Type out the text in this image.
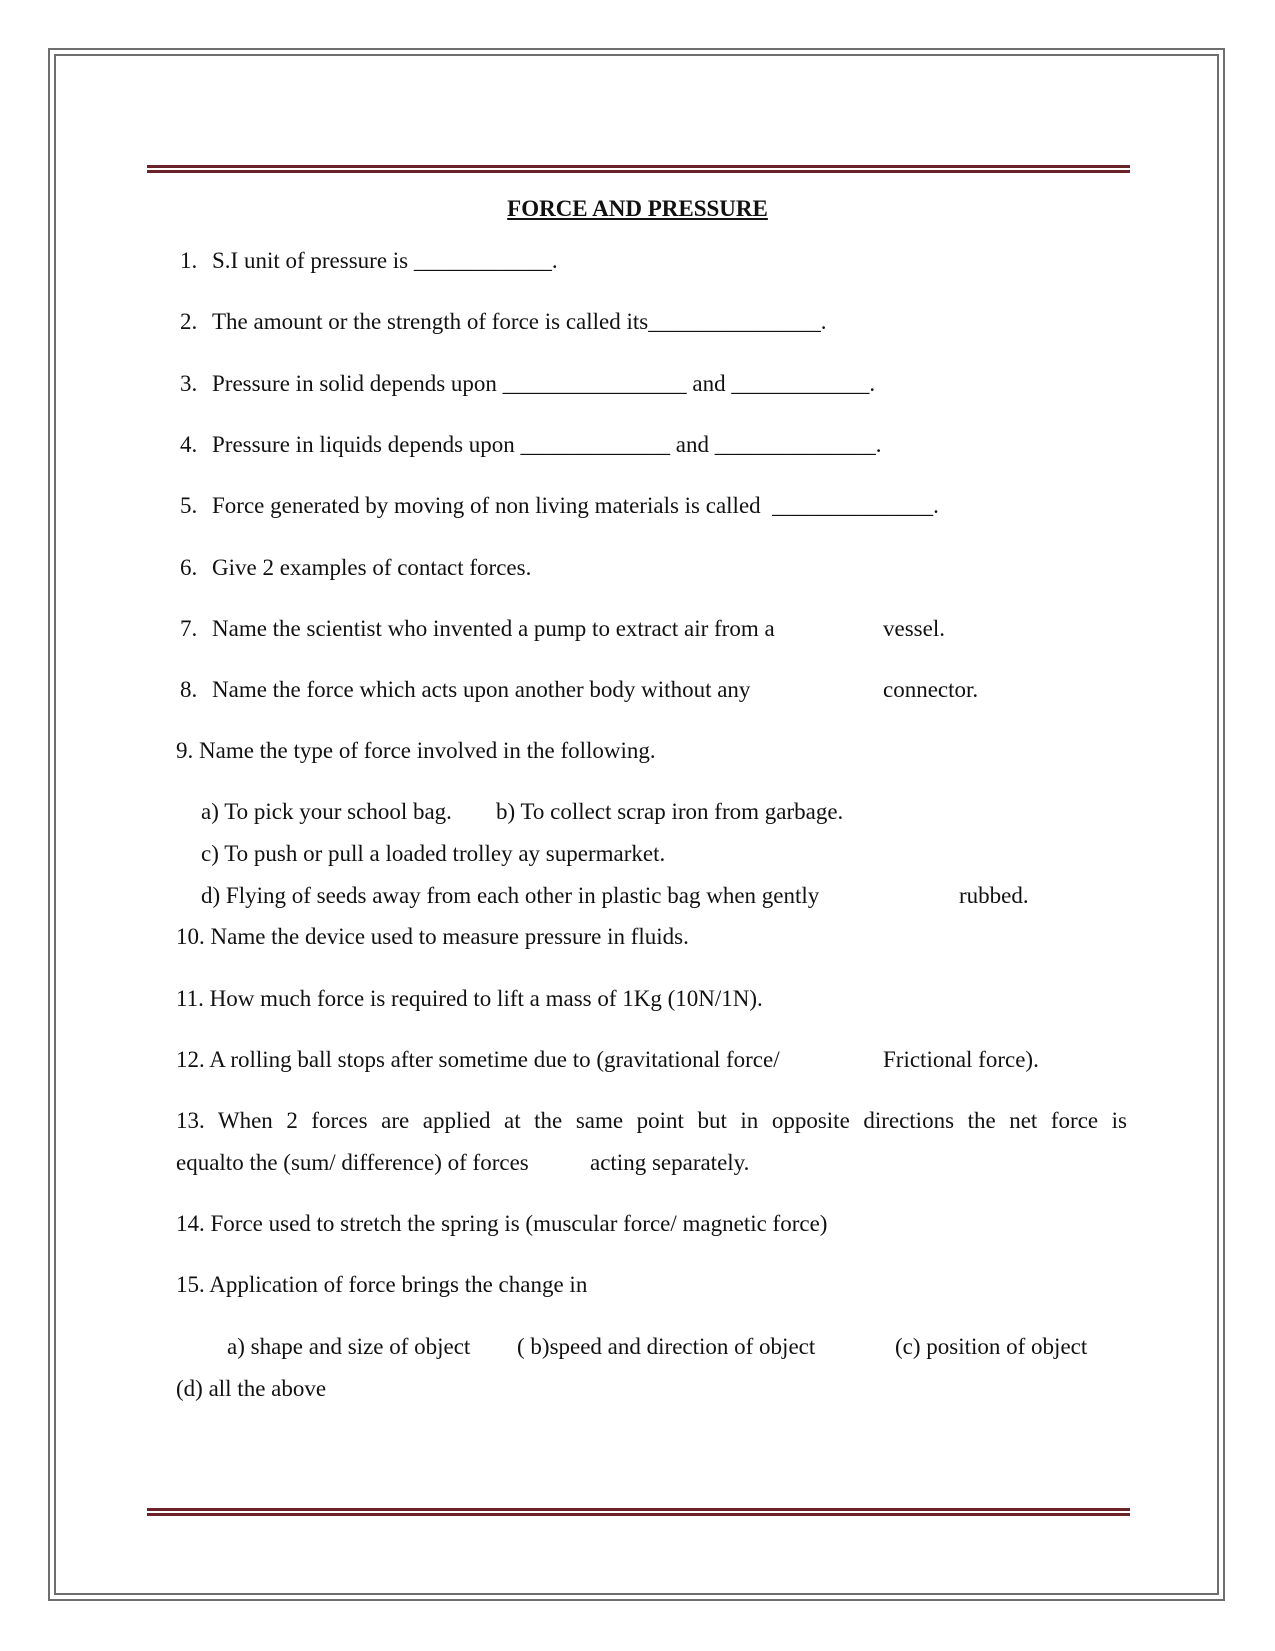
FORCE AND PRESSURE
1. S.I unit of pressure is ____________.
2. The amount or the strength of force is called its_______________.
3. Pressure in solid depends upon ________________ and ____________.
4. Pressure in liquids depends upon _____________ and ______________.
5. Force generated by moving of non living materials is called  ______________.
6. Give 2 examples of contact forces.
7. Name the scientist who invented a pump to extract air from a	vessel.
8. Name the force which acts upon another body without any	connector.
9. Name the type of force involved in the following.
a) To pick your school bag. b) To collect scrap iron from garbage.
c) To push or pull a loaded trolley ay supermarket.
d) Flying of seeds away from each other in plastic bag when gently	rubbed.
10. Name the device used to measure pressure in fluids.
11. How much force is required to lift a mass of 1Kg (10N/1N).
12. A rolling ball stops after sometime due to (gravitational force/	Frictional force).
13. When 2 forces are applied at the same point but in opposite directions the net force is
equalto the (sum/ difference) of forces	acting separately.
14. Force used to stretch the spring is (muscular force/ magnetic force)
15. Application of force brings the change in
a) shape and size of object ( b)speed and direction of object	(c) position of object
(d) all the above
